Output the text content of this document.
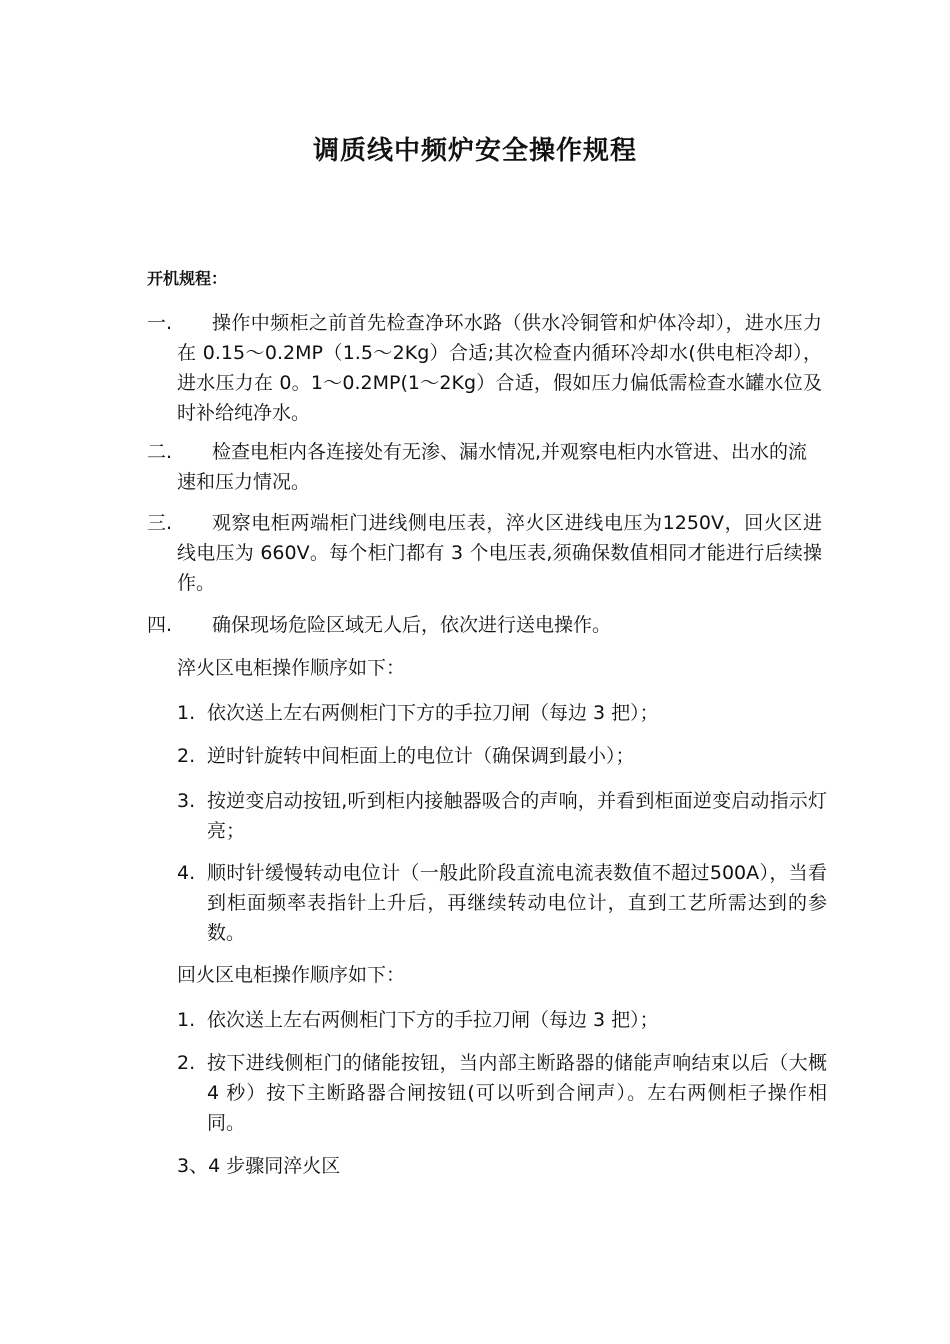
调质线中频炉安全操作规程

开机规程：

一.	操作中频柜之前首先检查净环水路（供水冷铜管和炉体冷却），进水压力在 0.15～0.2MP（1.5～2Kg）合适;其次检查内循环冷却水(供电柜冷却），进水压力在 0。1～0.2MP(1～2Kg）合适，假如压力偏低需检查水罐水位及时补给纯净水。
二.	检查电柜内各连接处有无渗、漏水情况,并观察电柜内水管进、出水的流速和压力情况。
三.	观察电柜两端柜门进线侧电压表，淬火区进线电压为1250V，回火区进线电压为 660V。每个柜门都有 3 个电压表,须确保数值相同才能进行后续操作。
四.	确保现场危险区域无人后，依次进行送电操作。

淬火区电柜操作顺序如下：

1. 依次送上左右两侧柜门下方的手拉刀闸（每边 3 把）；
2. 逆时针旋转中间柜面上的电位计（确保调到最小）；
3. 按逆变启动按钮,听到柜内接触器吸合的声响，并看到柜面逆变启动指示灯亮；
4. 顺时针缓慢转动电位计（一般此阶段直流电流表数值不超过500A），当看到柜面频率表指针上升后，再继续转动电位计，直到工艺所需达到的参数。

回火区电柜操作顺序如下：

1. 依次送上左右两侧柜门下方的手拉刀闸（每边 3 把）；
2. 按下进线侧柜门的储能按钮，当内部主断路器的储能声响结束以后（大概 4 秒）按下主断路器合闸按钮(可以听到合闸声）。左右两侧柜子操作相同。

3、4 步骤同淬火区
